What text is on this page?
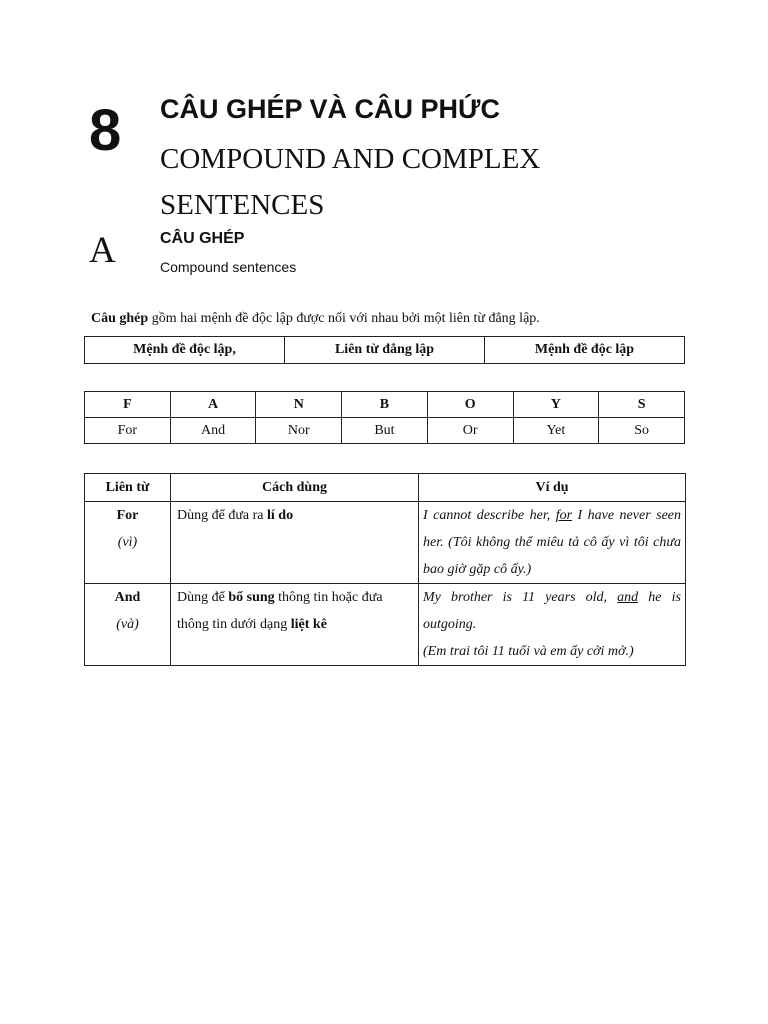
8 CÂU GHÉP VÀ CÂU PHỨC
COMPOUND AND COMPLEX SENTENCES
A	CÂU GHÉP
Compound sentences
Câu ghép gồm hai mệnh đề độc lập được nối với nhau bởi một liên từ đẳng lập.
Mệnh đề độc lập,	Liên từ đẳng lập	Mệnh đề độc lập
F	A	N	B	O	Y	S
For	And	Nor	But	Or	Yet	So
Liên từ	Cách dùng	Ví dụ

For
(vì)	Dùng để đưa ra lí do	I cannot describe her, for I have never seen her. (Tôi không thể miêu tả cô ấy vì tôi chưa bao giờ gặp cô ấy.)

And
(và)	Dùng để bổ sung thông tin hoặc đưa thông tin dưới dạng liệt kê	My brother is 11 years old, and he is outgoing.
(Em trai tôi 11 tuổi và em ấy cởi mở.)
